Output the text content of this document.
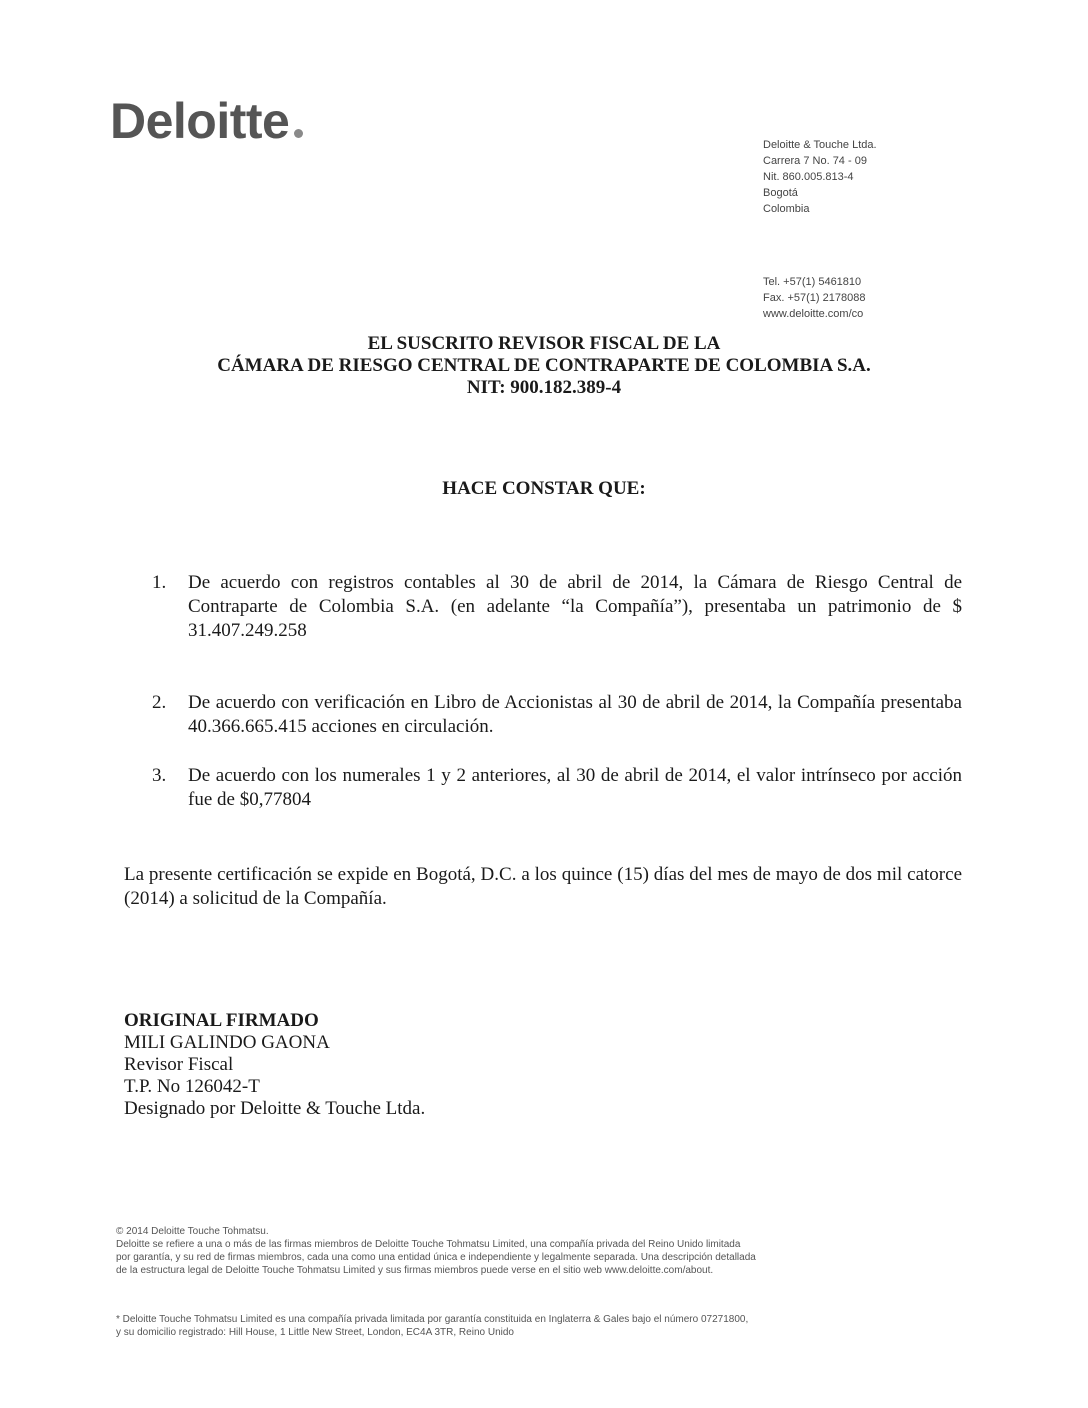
Deloitte	Deloitte & Touche Ltda.
Carrera 7 No. 74 - 09
Nit. 860.005.813-4
Bogotá
Colombia
Tel. +57(1) 5461810
Fax. +57(1) 2178088
www.deloitte.com/co
EL SUSCRITO REVISOR FISCAL DE LA
CÁMARA DE RIESGO CENTRAL DE CONTRAPARTE DE COLOMBIA S.A.
NIT: 900.182.389-4
HACE CONSTAR QUE:
1. De acuerdo con registros contables al 30 de abril de 2014, la Cámara de Riesgo Central de Contraparte de Colombia S.A. (en adelante “la Compañía”), presentaba un patrimonio de $ 31.407.249.258
2. De acuerdo con verificación en Libro de Accionistas al 30 de abril de 2014, la Compañía presentaba 40.366.665.415 acciones en circulación.
3. De acuerdo con los numerales 1 y 2 anteriores, al 30 de abril de 2014, el valor intrínseco por acción fue de $0,77804
La presente certificación se expide en Bogotá, D.C. a los quince (15) días del mes de mayo de dos mil catorce (2014) a solicitud de la Compañía.
ORIGINAL FIRMADO
MILI GALINDO GAONA
Revisor Fiscal
T.P. No 126042-T
Designado por Deloitte & Touche Ltda.
© 2014 Deloitte Touche Tohmatsu.
Deloitte se refiere a una o más de las firmas miembros de Deloitte Touche Tohmatsu Limited, una compañía privada del Reino Unido limitada por garantía, y su red de firmas miembros, cada una como una entidad única e independiente y legalmente separada. Una descripción detallada de la estructura legal de Deloitte Touche Tohmatsu Limited y sus firmas miembros puede verse en el sitio web www.deloitte.com/about.
* Deloitte Touche Tohmatsu Limited es una compañía privada limitada por garantía constituida en Inglaterra & Gales bajo el número 07271800, y su domicilio registrado: Hill House, 1 Little New Street, London, EC4A 3TR, Reino Unido
